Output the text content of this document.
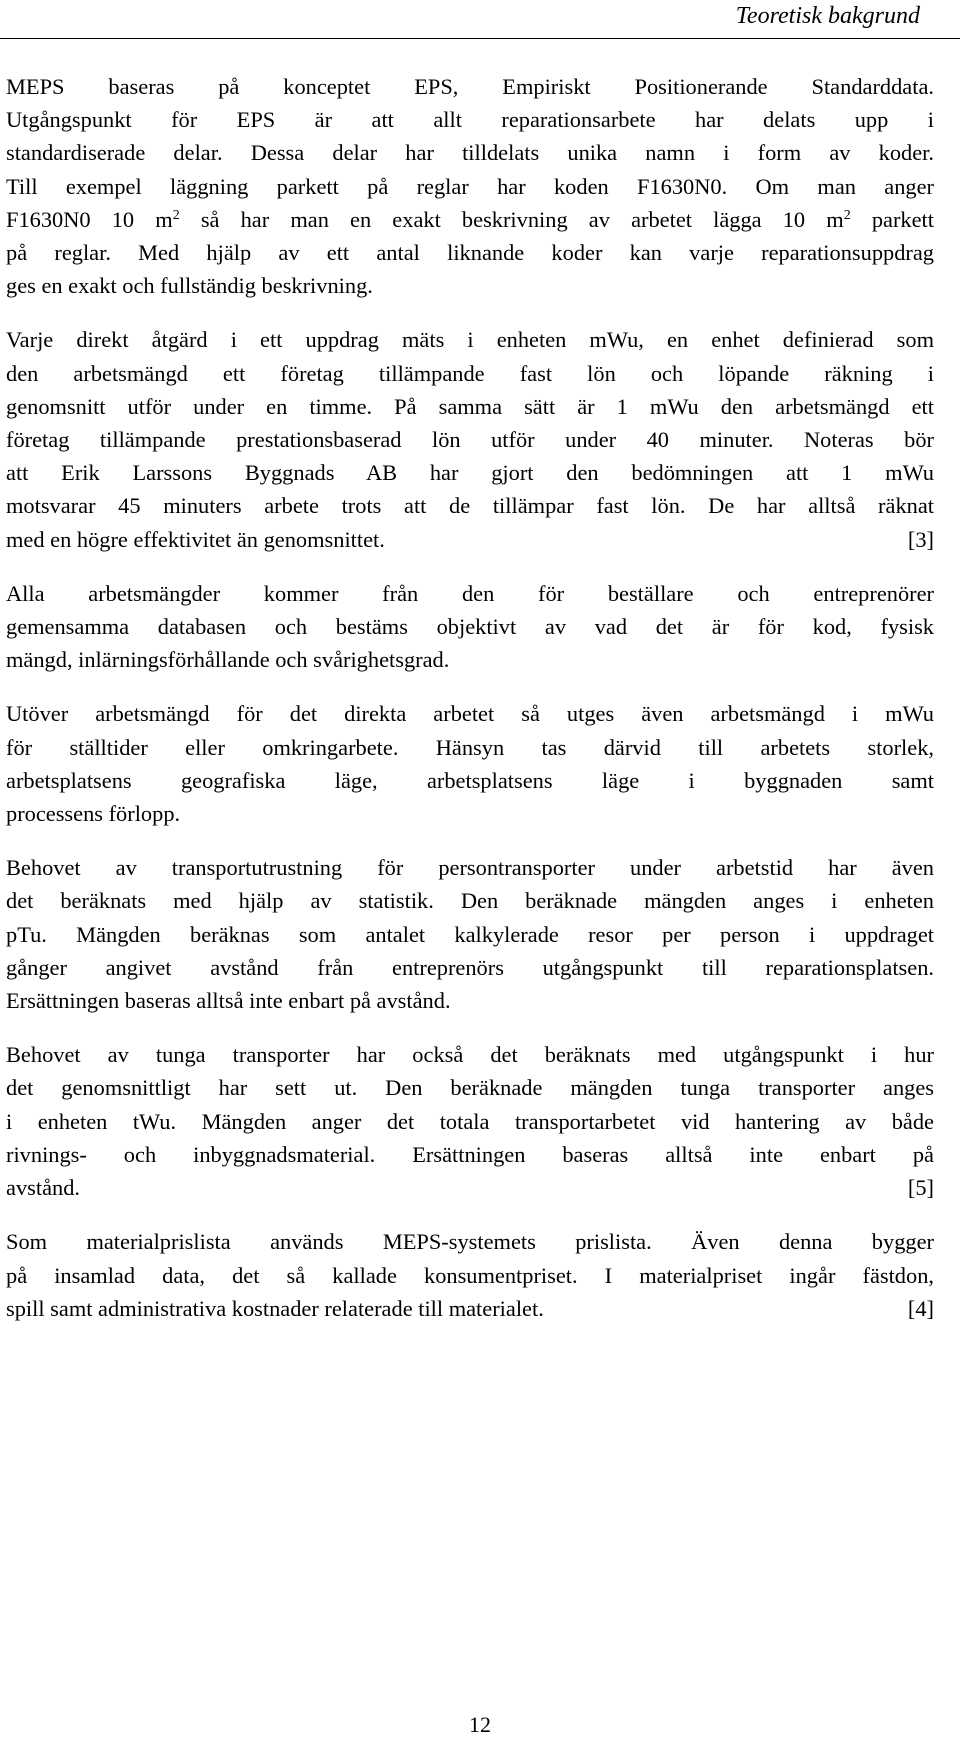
Teoretisk bakgrund
MEPS baseras på konceptet EPS, Empiriskt Positionerande Standarddata.
Utgångspunkt för EPS är att allt reparationsarbete har delats upp i
standardiserade delar. Dessa delar har tilldelats unika namn i form av koder.
Till exempel läggning parkett på reglar har koden F1630N0. Om man anger
F1630N0 10 $m^2$ så har man en exakt beskrivning av arbetet lägga 10 $m^2$ parkett
på reglar. Med hjälp av ett antal liknande koder kan varje reparationsuppdrag
ges en exakt och fullständig beskrivning.
Varje direkt åtgärd i ett uppdrag mäts i enheten mWu, en enhet definierad som
den arbetsmängd ett företag tillämpande fast lön och löpande räkning i
genomsnitt utför under en timme. På samma sätt är 1 mWu den arbetsmängd ett
företag tillämpande prestationsbaserad lön utför under 40 minuter. Noteras bör
att Erik Larssons Byggnads AB har gjort den bedömningen att 1 mWu
motsvarar 45 minuters arbete trots att de tillämpar fast lön. De har alltså räknat
med en högre effektivitet än genomsnittet.	[3]
Alla arbetsmängder kommer från den för beställare och entreprenörer
gemensamma databasen och bestäms objektivt av vad det är för kod, fysisk
mängd, inlärningsförhållande och svårighetsgrad.
Utöver arbetsmängd för det direkta arbetet så utges även arbetsmängd i mWu
för ställtider eller omkringarbete. Hänsyn tas därvid till arbetets storlek,
arbetsplatsens geografiska läge, arbetsplatsens läge i byggnaden samt
processens förlopp.
Behovet av transportutrustning för persontransporter under arbetstid har även
det beräknats med hjälp av statistik. Den beräknade mängden anges i enheten
pTu. Mängden beräknas som antalet kalkylerade resor per person i uppdraget
gånger angivet avstånd från entreprenörs utgångspunkt till reparationsplatsen.
Ersättningen baseras alltså inte enbart på avstånd.
Behovet av tunga transporter har också det beräknats med utgångspunkt i hur
det genomsnittligt har sett ut. Den beräknade mängden tunga transporter anges
i enheten tWu. Mängden anger det totala transportarbetet vid hantering av både
rivnings- och inbyggnadsmaterial. Ersättningen baseras alltså inte enbart på
avstånd.	[5]
Som materialprislista används MEPS-systemets prislista. Även denna bygger
på insamlad data, det så kallade konsumentpriset. I materialpriset ingår fästdon,
spill samt administrativa kostnader relaterade till materialet.	[4]
12
